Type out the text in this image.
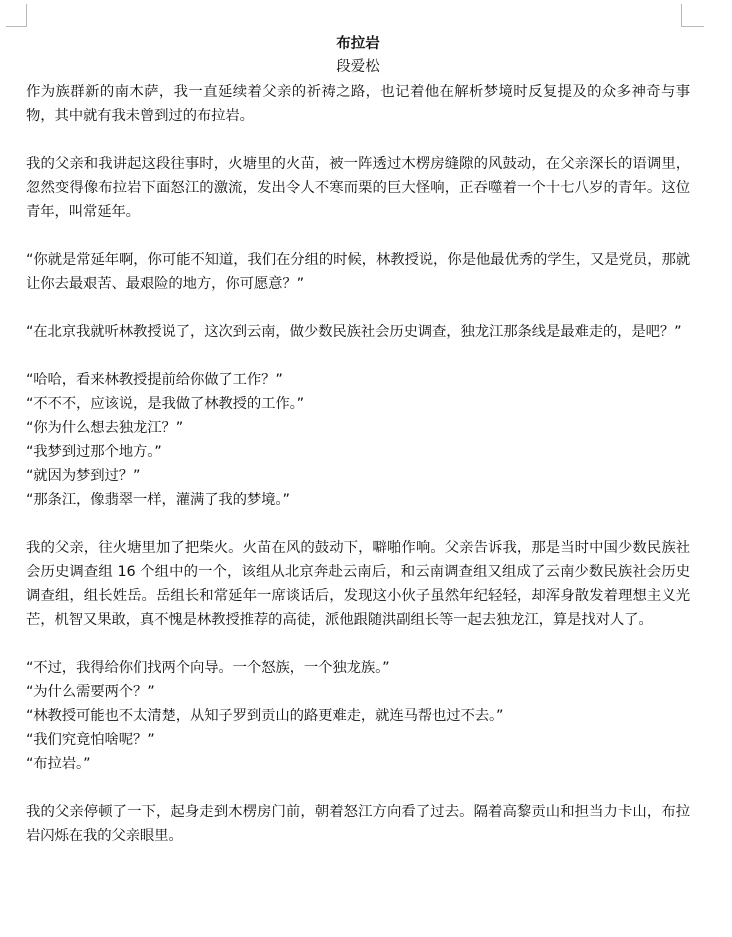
布拉岩
段爱松

作为族群新的南木萨，我一直延续着父亲的祈祷之路，也记着他在解析梦境时反复提及的众多神奇与事物，其中就有我未曾到过的布拉岩。

我的父亲和我讲起这段往事时，火塘里的火苗，被一阵透过木楞房缝隙的风鼓动，在父亲深长的语调里，忽然变得像布拉岩下面怒江的激流，发出令人不寒而栗的巨大怪响，正吞噬着一个十七八岁的青年。这位青年，叫常延年。

“你就是常延年啊，你可能不知道，我们在分组的时候，林教授说，你是他最优秀的学生，又是党员，那就让你去最艰苦、最艰险的地方，你可愿意？”

“在北京我就听林教授说了，这次到云南，做少数民族社会历史调查，独龙江那条线是最难走的，是吧？”

“哈哈，看来林教授提前给你做了工作？”

“不不不，应该说，是我做了林教授的工作。”

“你为什么想去独龙江？”

“我梦到过那个地方。”

“就因为梦到过？”

“那条江，像翡翠一样，灌满了我的梦境。”

我的父亲，往火塘里加了把柴火。火苗在风的鼓动下，噼啪作响。父亲告诉我，那是当时中国少数民族社会历史调查组 16 个组中的一个，该组从北京奔赴云南后，和云南调查组又组成了云南少数民族社会历史调查组，组长姓岳。岳组长和常延年一席谈话后，发现这小伙子虽然年纪轻轻，却浑身散发着理想主义光芒，机智又果敢，真不愧是林教授推荐的高徒，派他跟随洪副组长等一起去独龙江，算是找对人了。

“不过，我得给你们找两个向导。一个怒族，一个独龙族。”

“为什么需要两个？”

“林教授可能也不太清楚，从知子罗到贡山的路更难走，就连马帮也过不去。”

“我们究竟怕啥呢？”

“布拉岩。”

我的父亲停顿了一下，起身走到木楞房门前，朝着怒江方向看了过去。隔着高黎贡山和担当力卡山，布拉岩闪烁在我的父亲眼里。
